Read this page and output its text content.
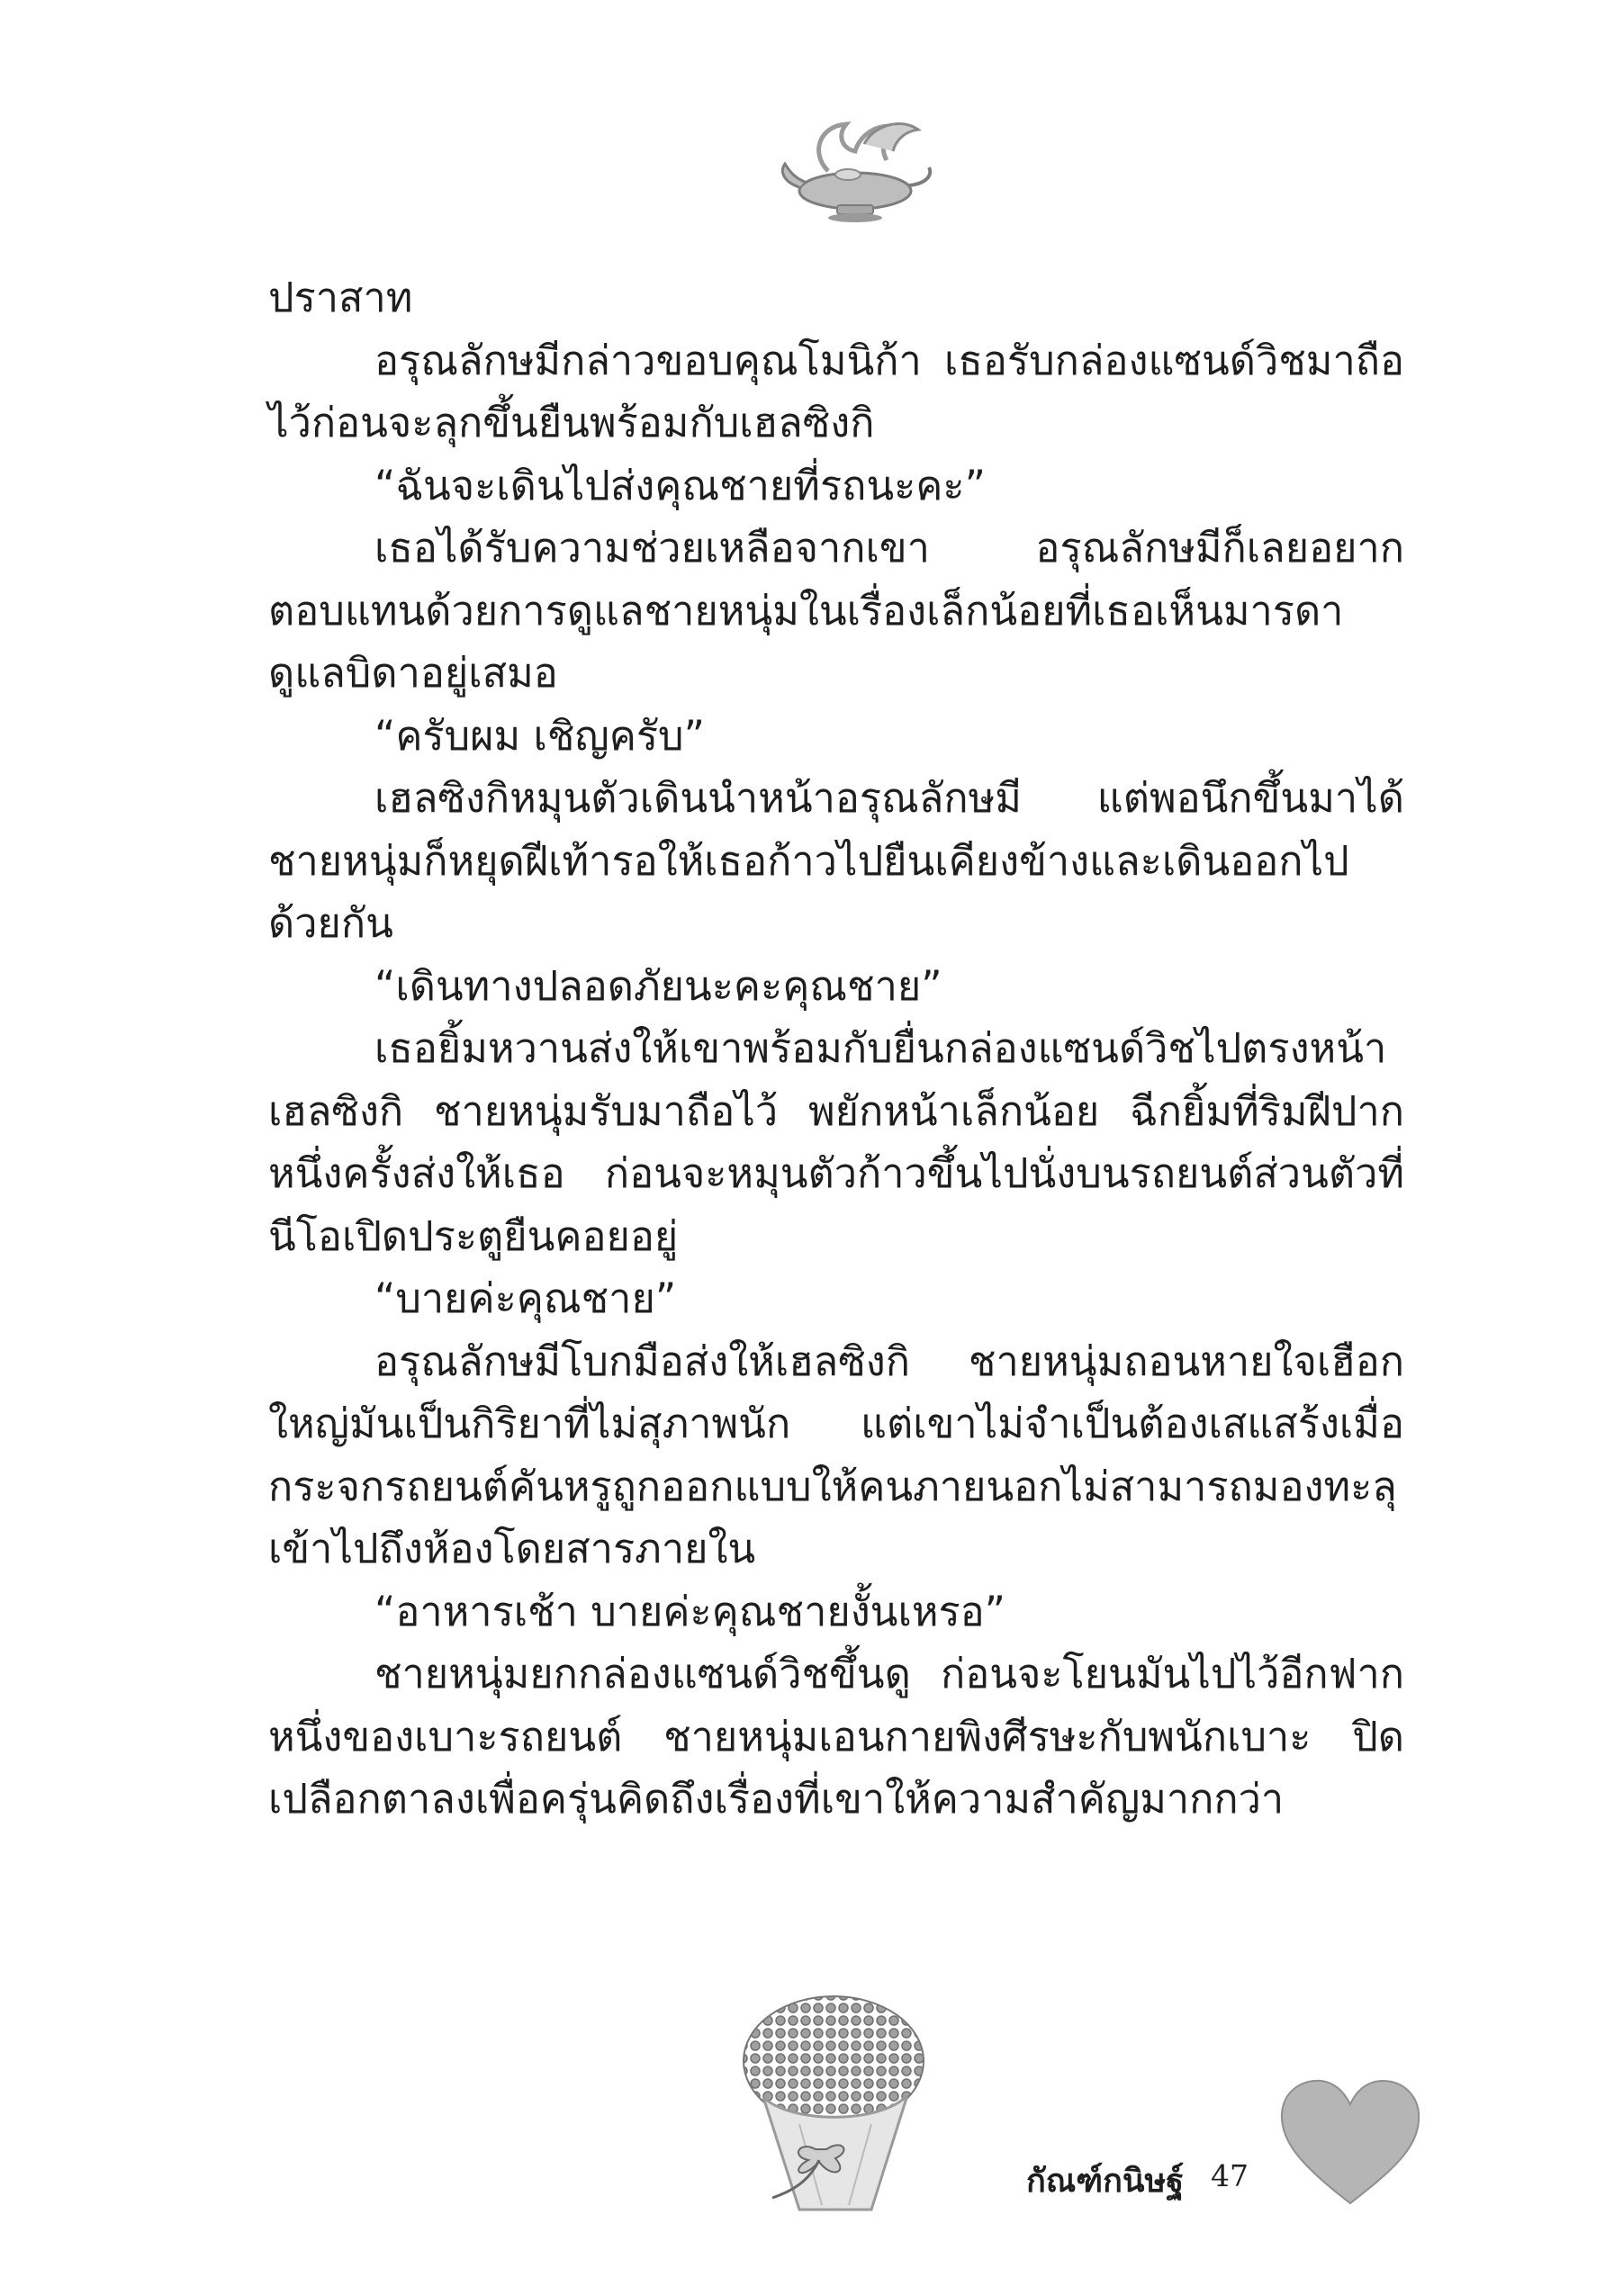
ปราสาท

อรุณลักษมีกล่าวขอบคุณโมนิก้า เธอรับกล่องแซนด์วิชมาถือไว้ก่อนจะลุกขึ้นยืนพร้อมกับเฮลซิงกิ

“ฉันจะเดินไปส่งคุณชายที่รถนะคะ”

เธอได้รับความช่วยเหลือจากเขา อรุณลักษมีก็เลยอยากตอบแทนด้วยการดูแลชายหนุ่มในเรื่องเล็กน้อยที่เธอเห็นมารดาดูแลบิดาอยู่เสมอ

“ครับผม เชิญครับ”

เฮลซิงกิหมุนตัวเดินนำหน้าอรุณลักษมี แต่พอนึกขึ้นมาได้ ชายหนุ่มก็หยุดฝีเท้ารอให้เธอก้าวไปยืนเคียงข้างและเดินออกไปด้วยกัน

“เดินทางปลอดภัยนะคะคุณชาย”

เธอยิ้มหวานส่งให้เขาพร้อมกับยื่นกล่องแซนด์วิชไปตรงหน้าเฮลซิงกิ ชายหนุ่มรับมาถือไว้ พยักหน้าเล็กน้อย ฉีกยิ้มที่ริมฝีปากหนึ่งครั้งส่งให้เธอ ก่อนจะหมุนตัวก้าวขึ้นไปนั่งบนรถยนต์ส่วนตัวที่นีโอเปิดประตูยืนคอยอยู่

“บายค่ะคุณชาย”

อรุณลักษมีโบกมือส่งให้เฮลซิงกิ ชายหนุ่มถอนหายใจเฮือกใหญ่มันเป็นกิริยาที่ไม่สุภาพนัก แต่เขาไม่จำเป็นต้องเสแสร้งเมื่อกระจกรถยนต์คันหรูถูกออกแบบให้คนภายนอกไม่สามารถมองทะลุเข้าไปถึงห้องโดยสารภายใน

“อาหารเช้า บายค่ะคุณชายงั้นเหรอ”

ชายหนุ่มยกกล่องแซนด์วิชขึ้นดู ก่อนจะโยนมันไปไว้อีกฟากหนึ่งของเบาะรถยนต์ ชายหนุ่มเอนกายพิงศีรษะกับพนักเบาะ ปิดเปลือกตาลงเพื่อครุ่นคิดถึงเรื่องที่เขาให้ความสำคัญมากกว่า

กัณฑ์กนิษฐ์ 47
